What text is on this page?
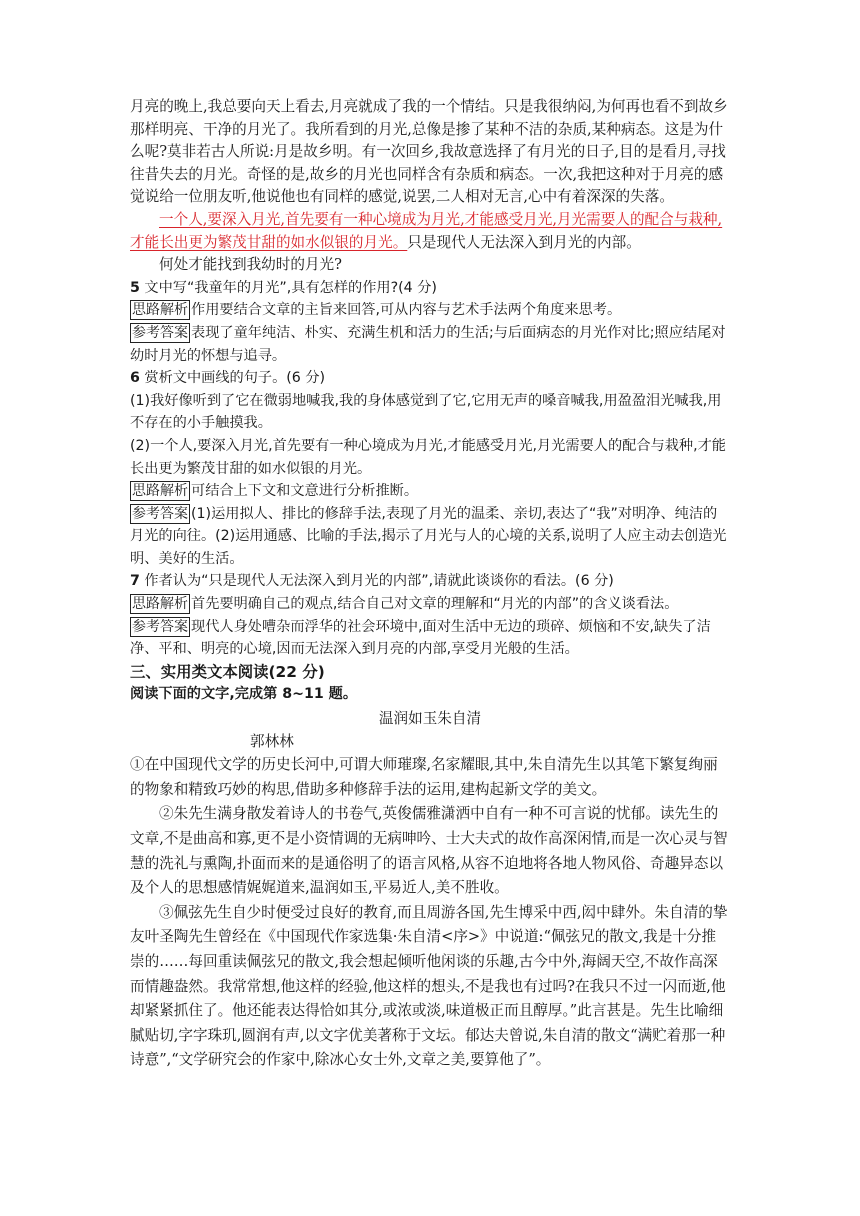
月亮的晚上,我总要向天上看去,月亮就成了我的一个情结。只是我很纳闷,为何再也看不到故乡那样明亮、干净的月光了。我所看到的月光,总像是掺了某种不洁的杂质,某种病态。这是为什么呢?莫非若古人所说:月是故乡明。有一次回乡,我故意选择了有月光的日子,目的是看月,寻找往昔失去的月光。奇怪的是,故乡的月光也同样含有杂质和病态。一次,我把这种对于月亮的感觉说给一位朋友听,他说他也有同样的感觉,说罢,二人相对无言,心中有着深深的失落。

一个人,要深入月光,首先要有一种心境成为月光,才能感受月光,月光需要人的配合与栽种,才能长出更为繁茂甘甜的如水似银的月光。只是现代人无法深入到月光的内部。

何处才能找到我幼时的月光?

5 文中写“我童年的月光”,具有怎样的作用?(4 分)

思路解析 作用要结合文章的主旨来回答,可从内容与艺术手法两个角度来思考。

参考答案 表现了童年纯洁、朴实、充满生机和活力的生活;与后面病态的月光作对比;照应结尾对幼时月光的怀想与追寻。

6 赏析文中画线的句子。(6 分)

(1)我好像听到了它在微弱地喊我,我的身体感觉到了它,它用无声的嗓音喊我,用盈盈泪光喊我,用不存在的小手触摸我。

(2)一个人,要深入月光,首先要有一种心境成为月光,才能感受月光,月光需要人的配合与栽种,才能长出更为繁茂甘甜的如水似银的月光。

思路解析 可结合上下文和文意进行分析推断。

参考答案 (1)运用拟人、排比的修辞手法,表现了月光的温柔、亲切,表达了“我”对明净、纯洁的月光的向往。(2)运用通感、比喻的手法,揭示了月光与人的心境的关系,说明了人应主动去创造光明、美好的生活。

7 作者认为“只是现代人无法深入到月光的内部”,请就此谈谈你的看法。(6 分)

思路解析 首先要明确自己的观点,结合自己对文章的理解和“月光的内部”的含义谈看法。

参考答案 现代人身处嘈杂而浮华的社会环境中,面对生活中无边的琐碎、烦恼和不安,缺失了洁净、平和、明亮的心境,因而无法深入到月亮的内部,享受月光般的生活。

三、实用类文本阅读(22 分)

阅读下面的文字,完成第 8~11 题。

温润如玉朱自清

郭林林

①在中国现代文学的历史长河中,可谓大师璀璨,名家耀眼,其中,朱自清先生以其笔下繁复绚丽的物象和精致巧妙的构思,借助多种修辞手法的运用,建构起新文学的美文。

②朱先生满身散发着诗人的书卷气,英俊儒雅潇洒中自有一种不可言说的忧郁。读先生的文章,不是曲高和寡,更不是小资情调的无病呻吟、士大夫式的故作高深闲情,而是一次心灵与智慧的洗礼与熏陶,扑面而来的是通俗明了的语言风格,从容不迫地将各地人物风俗、奇趣异态以及个人的思想感情娓娓道来,温润如玉,平易近人,美不胜收。

③佩弦先生自少时便受过良好的教育,而且周游各国,先生博采中西,闳中肆外。朱自清的挚友叶圣陶先生曾经在《中国现代作家选集·朱自清<序>》中说道:“佩弦兄的散文,我是十分推崇的……每回重读佩弦兄的散文,我会想起倾听他闲谈的乐趣,古今中外,海阔天空,不故作高深而情趣盎然。我常常想,他这样的经验,他这样的想头,不是我也有过吗?在我只不过一闪而逝,他却紧紧抓住了。他还能表达得恰如其分,或浓或淡,味道极正而且醇厚。”此言甚是。先生比喻细腻贴切,字字珠玑,圆润有声,以文字优美著称于文坛。郁达夫曾说,朱自清的散文“满贮着那一种诗意”,“文学研究会的作家中,除冰心女士外,文章之美,要算他了”。
